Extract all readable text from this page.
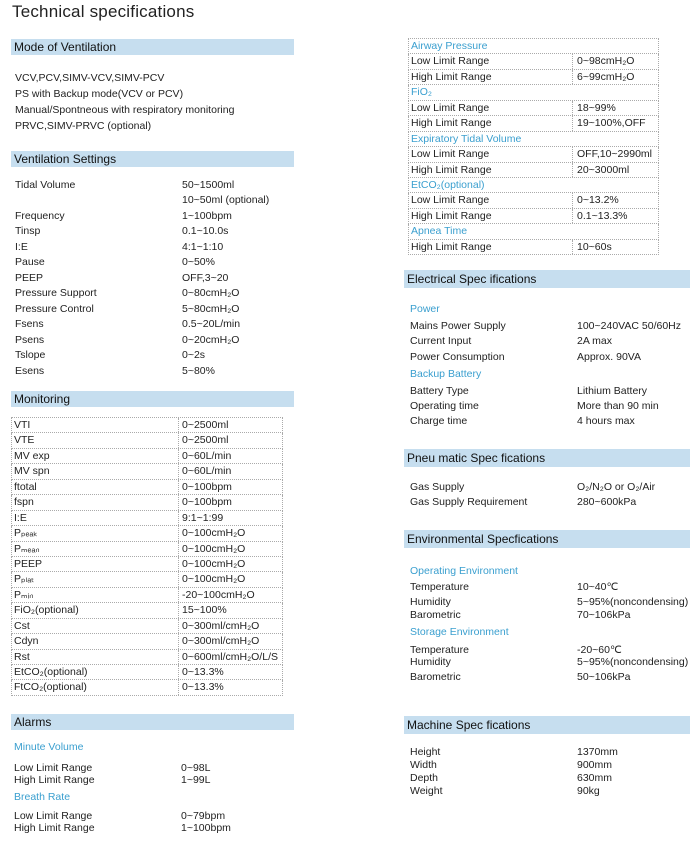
Technical specifications
Mode of Ventilation
VCV,PCV,SIMV-VCV,SIMV-PCV
PS with Backup mode(VCV or PCV)
Manual/Spontneous with respiratory monitoring
PRVC,SIMV-PRVC (optional)
Ventilation Settings
Tidal Volume	50~1500ml
10~50ml (optional)
Frequency	1~100bpm
Tinsp	0.1~10.0s
I:E	4:1~1:10
Pause	0~50%
PEEP	OFF,3~20
Pressure Support	0~80cmH₂O
Pressure Control	5~80cmH₂O
Fsens	0.5~20L/min
Psens	0~20cmH₂O
Tslope	0~2s
Esens	5~80%
Monitoring
VTI	0~2500ml
VTE	0~2500ml
MV exp	0~60L/min
MV spn	0~60L/min
ftotal	0~100bpm
fspn	0~100bpm
I:E	9:1~1:99
Pₚₑₐₖ	0~100cmH₂O
Pₘₑₐₙ	0~100cmH₂O
PEEP	0~100cmH₂O
Pₚₗₐₜ	0~100cmH₂O
Pₘᵢₙ	-20~100cmH₂O
FiO₂(optional)	15~100%
Cst	0~300ml/cmH₂O
Cdyn	0~300ml/cmH₂O
Rst	0~600ml/cmH₂O/L/S
EtCO₂(optional)	0~13.3%
FtCO₂(optional)	0~13.3%
Alarms
Minute Volume
Low Limit Range	0~98L
High Limit Range	1~99L
Breath Rate
Low Limit Range	0~79bpm
High Limit Range	1~100bpm
Airway Pressure
Low Limit Range	0~98cmH₂O
High Limit Range	6~99cmH₂O
FiO₂
Low Limit Range	18~99%
High Limit Range	19~100%,OFF
Expiratory Tidal Volume
Low Limit Range	OFF,10~2990ml
High Limit Range	20~3000ml
EtCO₂(optional)
Low Limit Range	0~13.2%
High Limit Range	0.1~13.3%
Apnea Time
High Limit Range	10~60s
Electrical Spec ifications
Power
Mains Power Supply	100~240VAC 50/60Hz
Current Input	2A max
Power Consumption	Approx. 90VA
Backup Battery
Battery Type	Lithium Battery
Operating time	More than 90 min
Charge time	4 hours max
Pneu matic Spec fications
Gas Supply	O₂/N₂O or O₂/Air
Gas Supply Requirement	280~600kPa
Environmental Specfications
Operating Environment
Temperature	10~40℃
Humidity	5~95%(noncondensing)
Barometric	70~106kPa
Storage Environment
Temperature	-20~60℃
Humidity	5~95%(noncondensing)
Barometric	50~106kPa
Machine Spec fications
Height	1370mm
Width	900mm
Depth	630mm
Weight	90kg
